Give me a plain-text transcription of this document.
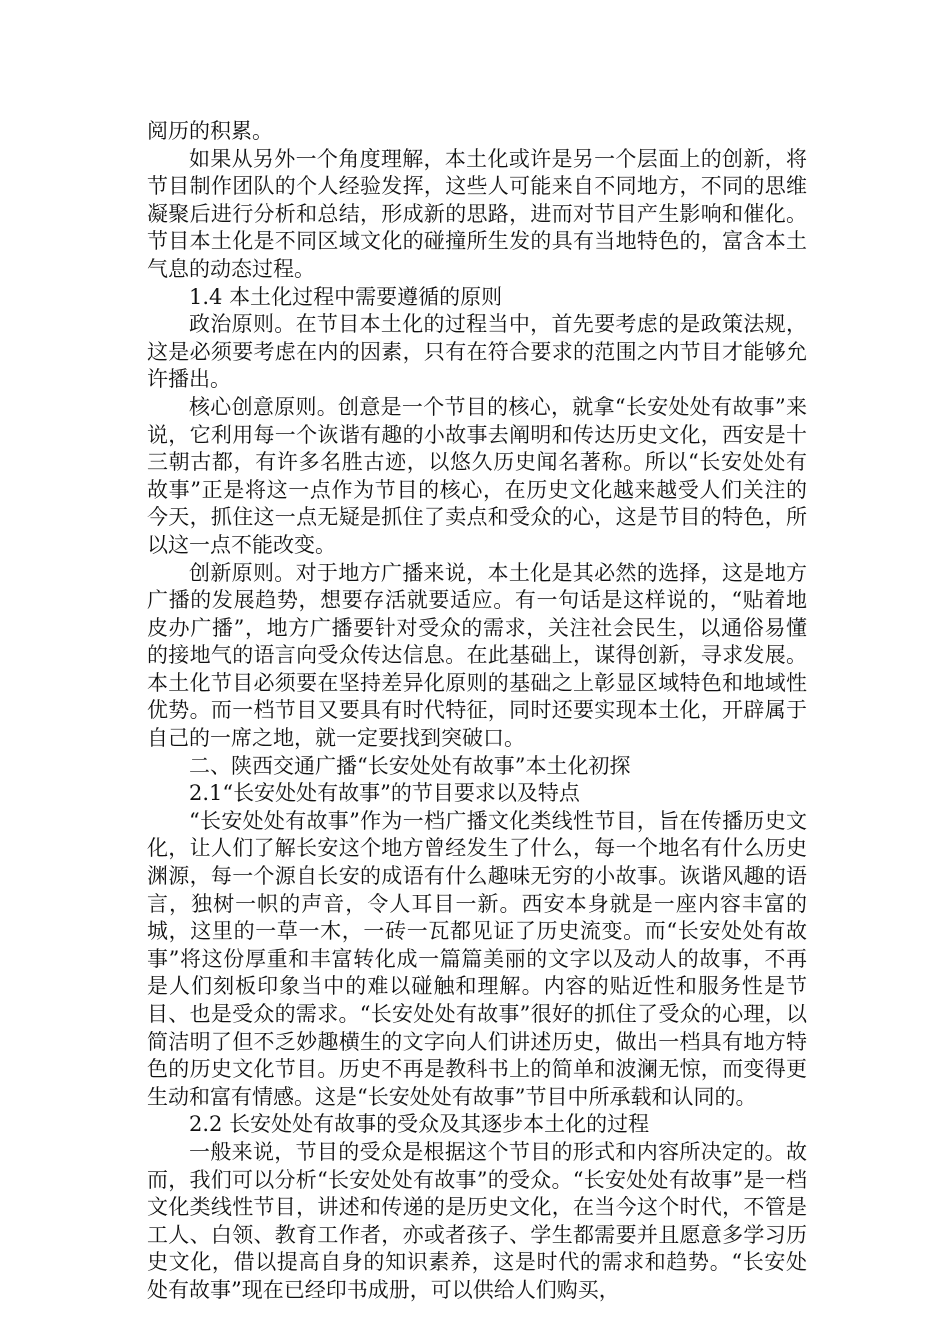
阅历的积累。

如果从另外一个角度理解，本土化或许是另一个层面上的创新，将节目制作团队的个人经验发挥，这些人可能来自不同地方，不同的思维凝聚后进行分析和总结，形成新的思路，进而对节目产生影响和催化。节目本土化是不同区域文化的碰撞所生发的具有当地特色的，富含本土气息的动态过程。

1.4 本土化过程中需要遵循的原则

政治原则。在节目本土化的过程当中，首先要考虑的是政策法规，这是必须要考虑在内的因素，只有在符合要求的范围之内节目才能够允许播出。

核心创意原则。创意是一个节目的核心，就拿“长安处处有故事”来说，它利用每一个诙谐有趣的小故事去阐明和传达历史文化，西安是十三朝古都，有许多名胜古迹，以悠久历史闻名著称。所以“长安处处有故事”正是将这一点作为节目的核心，在历史文化越来越受人们关注的今天，抓住这一点无疑是抓住了卖点和受众的心，这是节目的特色，所以这一点不能改变。

创新原则。对于地方广播来说，本土化是其必然的选择，这是地方广播的发展趋势，想要存活就要适应。有一句话是这样说的，“贴着地皮办广播”，地方广播要针对受众的需求，关注社会民生，以通俗易懂的接地气的语言向受众传达信息。在此基础上，谋得创新，寻求发展。本土化节目必须要在坚持差异化原则的基础之上彰显区域特色和地域性优势。而一档节目又要具有时代特征，同时还要实现本土化，开辟属于自己的一席之地，就一定要找到突破口。

二、陕西交通广播“长安处处有故事”本土化初探

2.1“长安处处有故事”的节目要求以及特点

“长安处处有故事”作为一档广播文化类线性节目，旨在传播历史文化，让人们了解长安这个地方曾经发生了什么，每一个地名有什么历史渊源，每一个源自长安的成语有什么趣味无穷的小故事。诙谐风趣的语言，独树一帜的声音，令人耳目一新。西安本身就是一座内容丰富的城，这里的一草一木，一砖一瓦都见证了历史流变。而“长安处处有故事”将这份厚重和丰富转化成一篇篇美丽的文字以及动人的故事，不再是人们刻板印象当中的难以碰触和理解。内容的贴近性和服务性是节目、也是受众的需求。“长安处处有故事”很好的抓住了受众的心理，以简洁明了但不乏妙趣横生的文字向人们讲述历史，做出一档具有地方特色的历史文化节目。历史不再是教科书上的简单和波澜无惊，而变得更生动和富有情感。这是“长安处处有故事”节目中所承载和认同的。

2.2 长安处处有故事的受众及其逐步本土化的过程

一般来说，节目的受众是根据这个节目的形式和内容所决定的。故而，我们可以分析“长安处处有故事”的受众。“长安处处有故事”是一档文化类线性节目，讲述和传递的是历史文化，在当今这个时代，不管是工人、白领、教育工作者，亦或者孩子、学生都需要并且愿意多学习历史文化，借以提高自身的知识素养，这是时代的需求和趋势。“长安处处有故事”现在已经印书成册，可以供给人们购买，
